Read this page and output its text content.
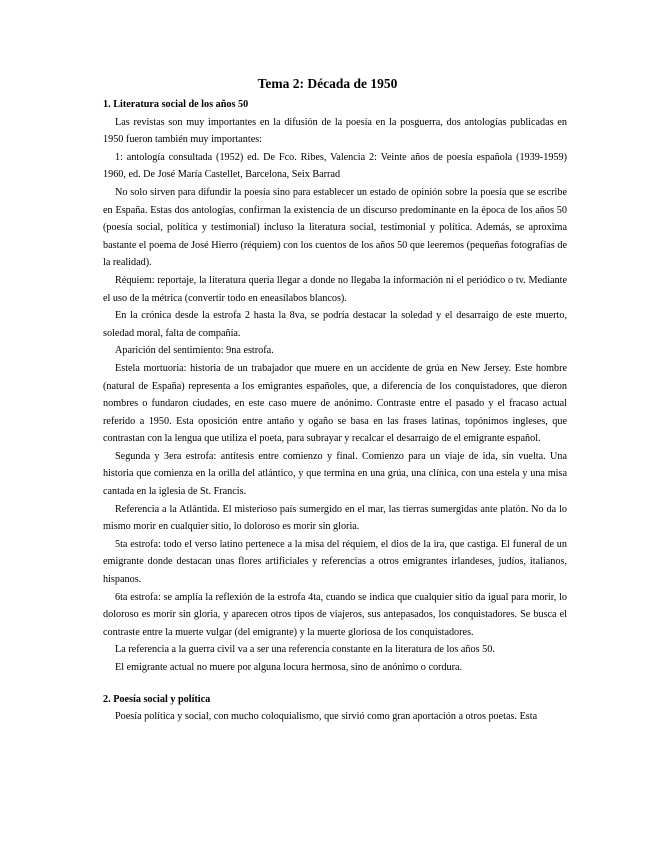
Tema 2: Década de 1950
1. Literatura social de los años 50

Las revistas son muy importantes en la difusión de la poesía en la posguerra, dos antologías publicadas en 1950 fueron también muy importantes:

1: antología consultada (1952) ed. De Fco. Ribes, Valencia 2: Veinte años de poesía española (1939-1959) 1960, ed. De José María Castellet, Barcelona, Seix Barrad

No solo sirven para difundir la poesía sino para establecer un estado de opinión sobre la poesía que se escribe en España. Estas dos antologías, confirman la existencia de un discurso predominante en la época de los años 50 (poesía social, política y testimonial) incluso la literatura social, testimonial y política. Además, se aproxima bastante el poema de José Hierro (réquiem) con los cuentos de los años 50 que leeremos (pequeñas fotografías de la realidad).

Réquiem: reportaje, la literatura quería llegar a donde no llegaba la información ni el periódico o tv. Mediante el uso de la métrica (convertir todo en eneasílabos blancos).

En la crónica desde la estrofa 2 hasta la 8va, se podría destacar la soledad y el desarraigo de este muerto, soledad moral, falta de compañía.

Aparición del sentimiento: 9na estrofa.

Estela mortuoria: historia de un trabajador que muere en un accidente de grúa en New Jersey. Este hombre (natural de España) representa a los emigrantes españoles, que, a diferencia de los conquistadores, que dieron nombres o fundaron ciudades, en este caso muere de anónimo. Contraste entre el pasado y el fracaso actual referido a 1950. Esta oposición entre antaño y ogaño se basa en las frases latinas, topónimos ingleses, que contrastan con la lengua que utiliza el poeta, para subrayar y recalcar el desarraigo de el emigrante español.

Segunda y 3era estrofa: antítesis entre comienzo y final. Comienzo para un viaje de ida, sin vuelta. Una historia que comienza en la orilla del atlántico, y que termina en una grúa, una clínica, con una estela y una misa cantada en la iglesia de St. Francis.

Referencia a la Atlántida. El misterioso país sumergido en el mar, las tierras sumergidas ante platón. No da lo mismo morir en cualquier sitio, lo doloroso es morir sin gloria.

5ta estrofa: todo el verso latino pertenece a la misa del réquiem, el dios de la ira, que castiga. El funeral de un emigrante donde destacan unas flores artificiales y referencias a otros emigrantes irlandeses, judíos, italianos, hispanos.

6ta estrofa: se amplía la reflexión de la estrofa 4ta, cuando se indica que cualquier sitio da igual para morir, lo doloroso es morir sin gloria, y aparecen otros tipos de viajeros, sus antepasados, los conquistadores. Se busca el contraste entre la muerte vulgar (del emigrante) y la muerte gloriosa de los conquistadores.

La referencia a la guerra civil va a ser una referencia constante en la literatura de los años 50.

El emigrante actual no muere por alguna locura hermosa, sino de anónimo o cordura.

2. Poesía social y política

Poesía política y social, con mucho coloquialismo, que sirvió como gran aportación a otros poetas. Esta
